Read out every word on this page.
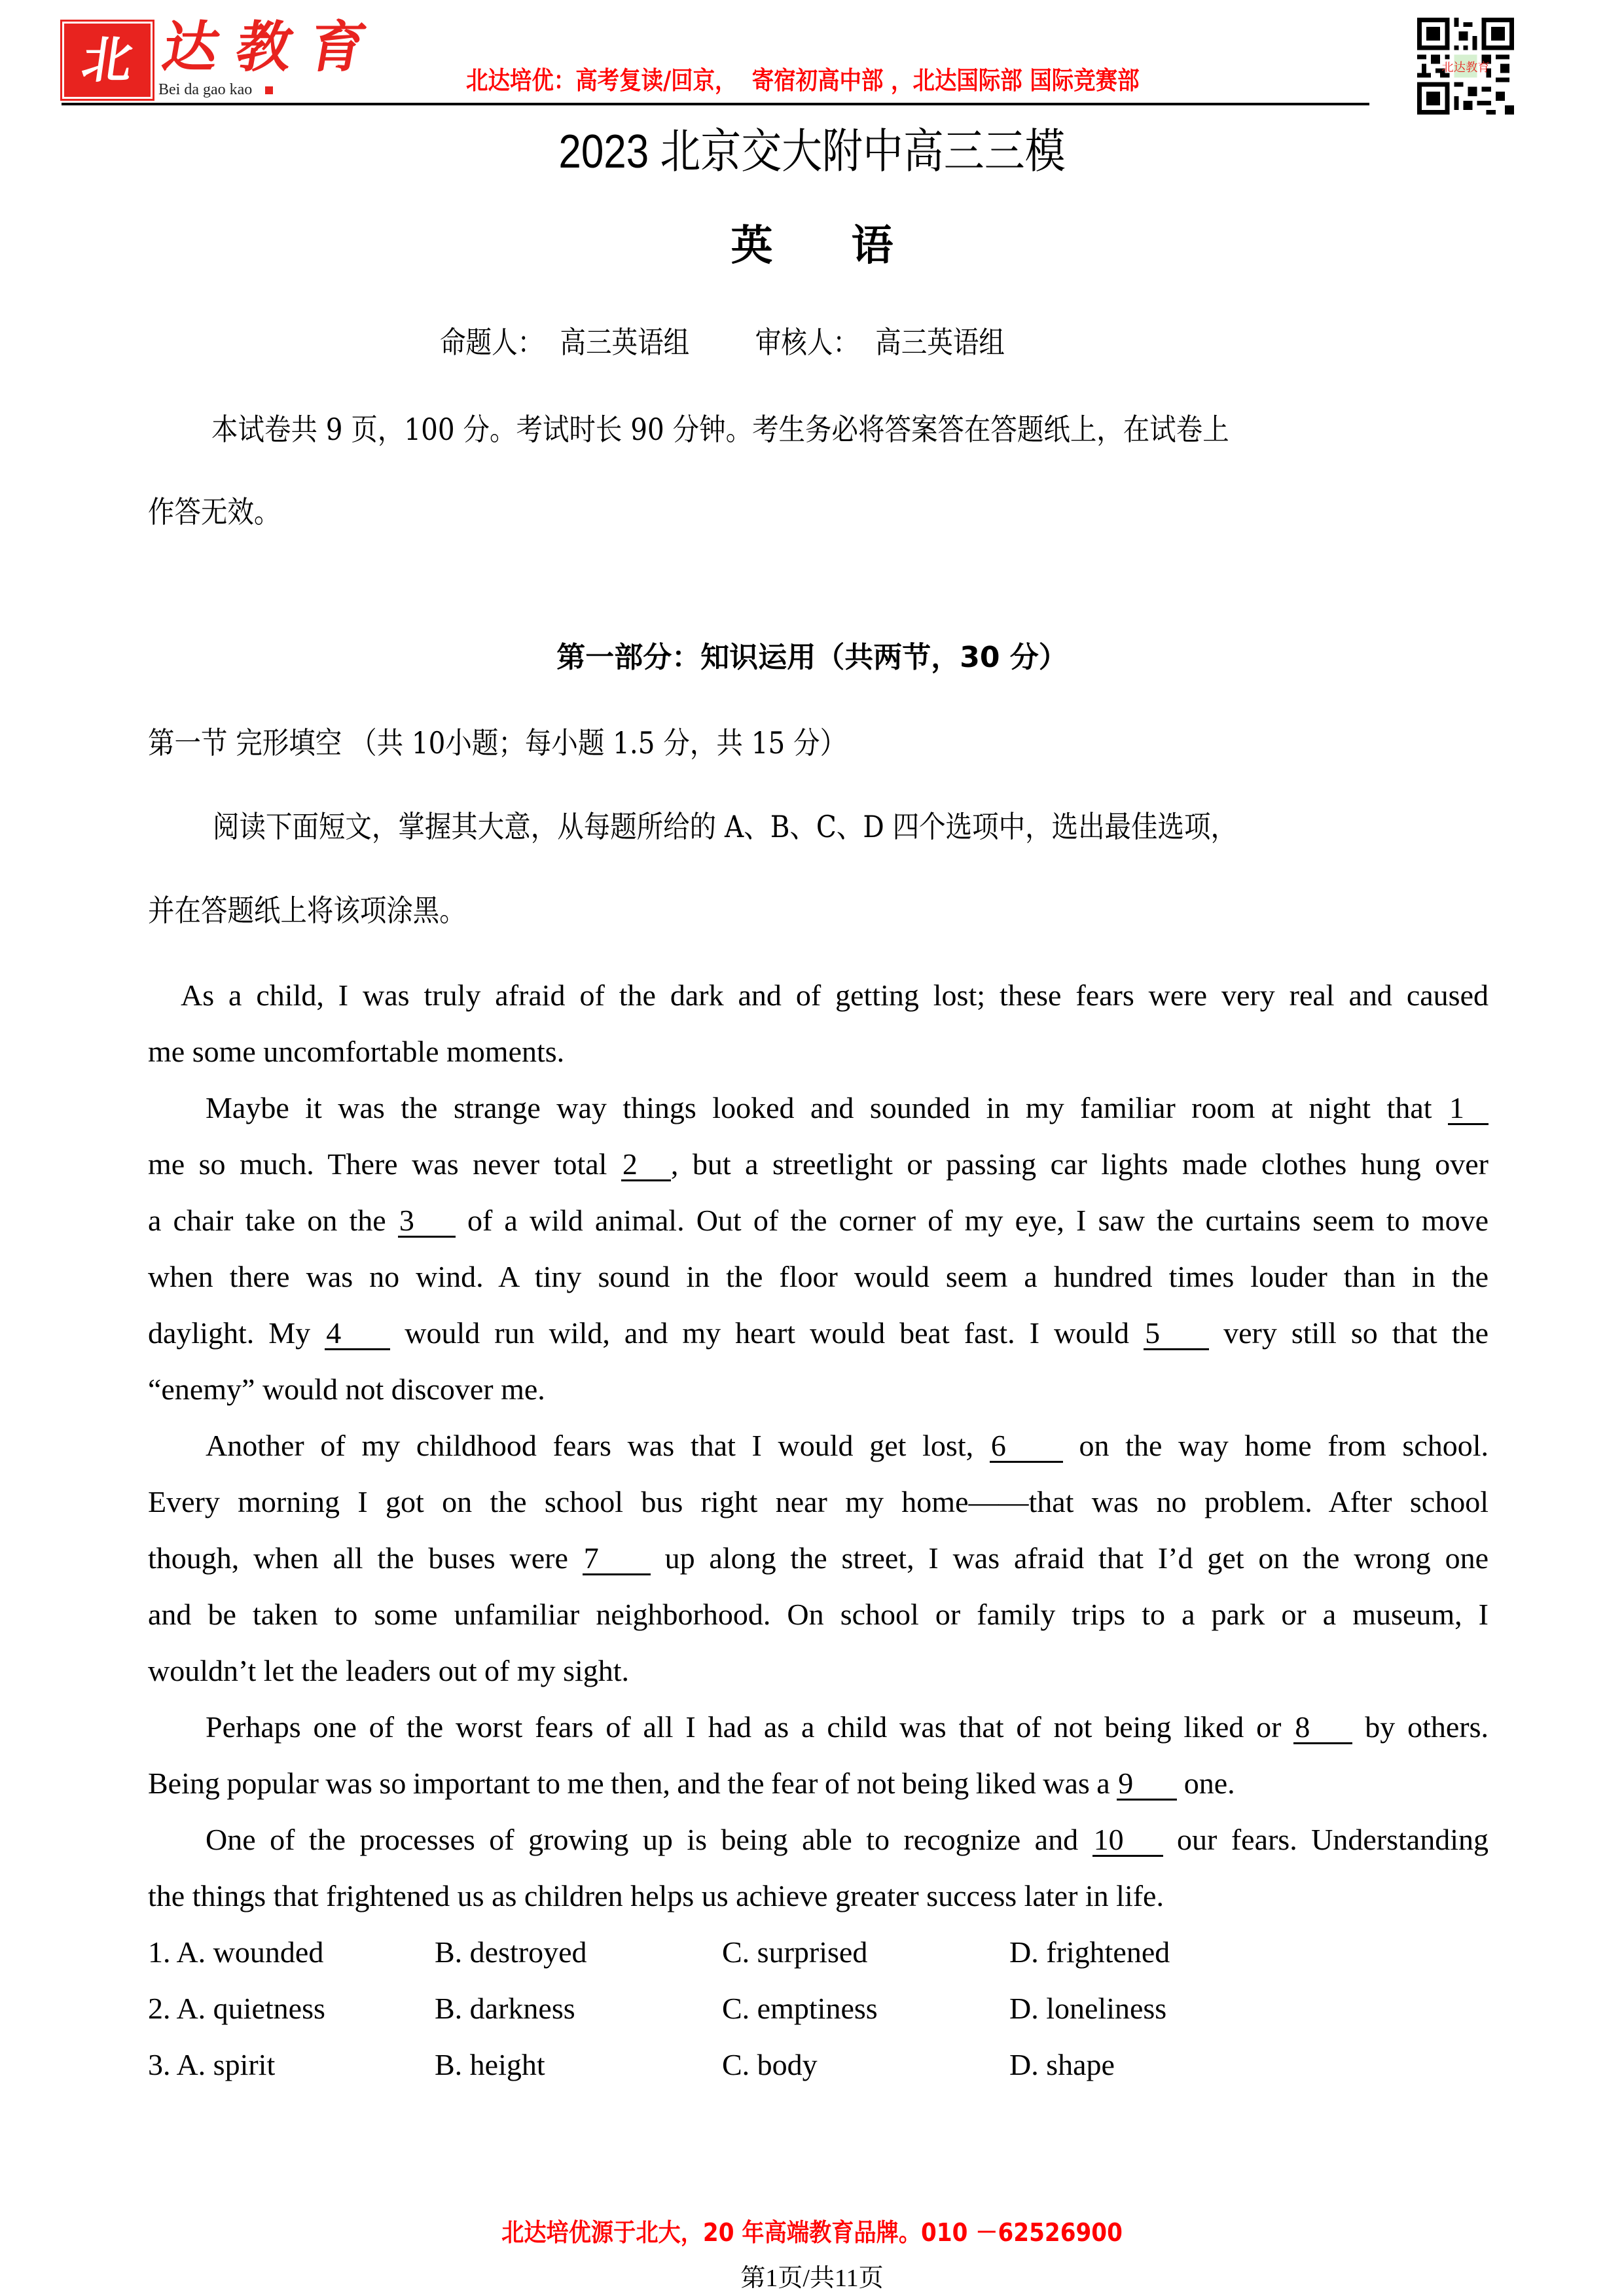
北 达教育
Bei da gao kao	北达培优：高考复读/回京，  寄宿初高中部 ，北达国际部 国际竞赛部	北达教育
2023 北京交大附中高三三模
英 语
命题人：  高三英语组        审核人：  高三英语组
本试卷共 9 页，100 分。考试时长 90 分钟。考生务必将答案答在答题纸上，在试卷上
作答无效。
第一部分：知识运用（共两节，30 分）
第一节 完形填空 （共 10小题；每小题 1.5 分，共 15 分）
阅读下面短文，掌握其大意，从每题所给的 A、B、C、D 四个选项中，选出最佳选项，
并在答题纸上将该项涂黑。
As a child, I was truly afraid of the dark and of getting lost; these fears were very real and caused
me some uncomfortable moments.
Maybe it was the strange way things looked and sounded in my familiar room at night that 1
me so much. There was never total 2 , but a streetlight or passing car lights made clothes hung over
a chair take on the 3 of a wild animal. Out of the corner of my eye, I saw the curtains seem to move
when there was no wind. A tiny sound in the floor would seem a hundred times louder than in the
daylight. My 4 would run wild, and my heart would beat fast. I would 5 very still so that the
“enemy” would not discover me.
Another of my childhood fears was that I would get lost, 6 on the way home from school.
Every morning I got on the school bus right near my home——that was no problem. After school
though, when all the buses were 7 up along the street, I was afraid that I’d get on the wrong one
and be taken to some unfamiliar neighborhood. On school or family trips to a park or a museum, I
wouldn’t let the leaders out of my sight.
Perhaps one of the worst fears of all I had as a child was that of not being liked or 8 by others.
Being popular was so important to me then, and the fear of not being liked was a 9 one.
One of the processes of growing up is being able to recognize and 10 our fears. Understanding
the things that frightened us as children helps us achieve greater success later in life.
1. A. wounded	B. destroyed	C. surprised	D. frightened
2. A. quietness	B. darkness	C. emptiness	D. loneliness
3. A. spirit	B. height	C. body	D. shape
北达培优源于北大，20 年高端教育品牌。010 －62526900
第1页/共11页
